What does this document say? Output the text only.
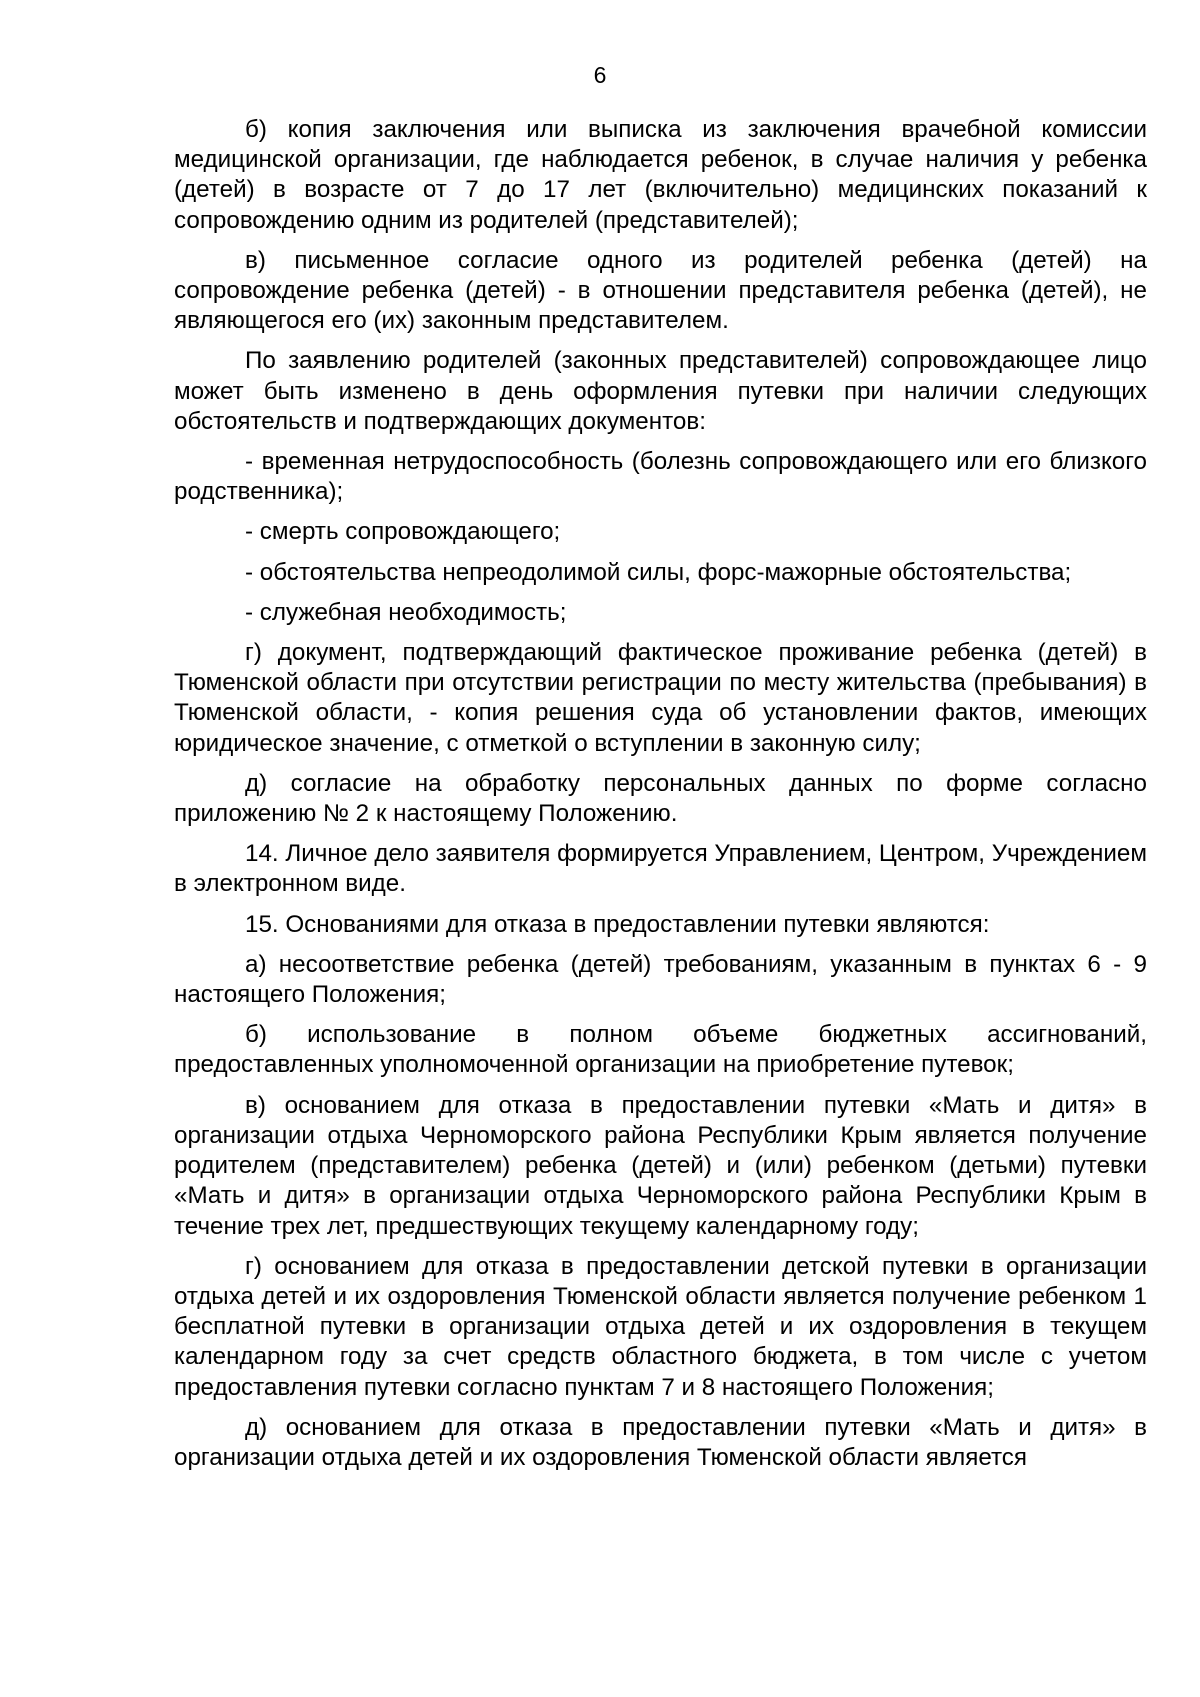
6

б) копия заключения или выписка из заключения врачебной комиссии медицинской организации, где наблюдается ребенок, в случае наличия у ребенка (детей) в возрасте от 7 до 17 лет (включительно) медицинских показаний к сопровождению одним из родителей (представителей);

в) письменное согласие одного из родителей ребенка (детей) на сопровождение ребенка (детей) - в отношении представителя ребенка (детей), не являющегося его (их) законным представителем.

По заявлению родителей (законных представителей) сопровождающее лицо может быть изменено в день оформления путевки при наличии следующих обстоятельств и подтверждающих документов:

- временная нетрудоспособность (болезнь сопровождающего или его близкого родственника);

- смерть сопровождающего;

- обстоятельства непреодолимой силы, форс-мажорные обстоятельства;

- служебная необходимость;

г) документ, подтверждающий фактическое проживание ребенка (детей) в Тюменской области при отсутствии регистрации по месту жительства (пребывания) в Тюменской области, - копия решения суда об установлении фактов, имеющих юридическое значение, с отметкой о вступлении в законную силу;

д) согласие на обработку персональных данных по форме согласно приложению № 2 к настоящему Положению.

14. Личное дело заявителя формируется Управлением, Центром, Учреждением в электронном виде.

15. Основаниями для отказа в предоставлении путевки являются:

а) несоответствие ребенка (детей) требованиям, указанным в пунктах 6 - 9 настоящего Положения;

б) использование в полном объеме бюджетных ассигнований, предоставленных уполномоченной организации на приобретение путевок;

в) основанием для отказа в предоставлении путевки «Мать и дитя» в организации отдыха Черноморского района Республики Крым является получение родителем (представителем) ребенка (детей) и (или) ребенком (детьми) путевки «Мать и дитя» в организации отдыха Черноморского района Республики Крым в течение трех лет, предшествующих текущему календарному году;

г) основанием для отказа в предоставлении детской путевки в организации отдыха детей и их оздоровления Тюменской области является получение ребенком 1 бесплатной путевки в организации отдыха детей и их оздоровления в текущем календарном году за счет средств областного бюджета, в том числе с учетом предоставления путевки согласно пунктам 7 и 8 настоящего Положения;

д) основанием для отказа в предоставлении путевки «Мать и дитя» в организации отдыха детей и их оздоровления Тюменской области является
